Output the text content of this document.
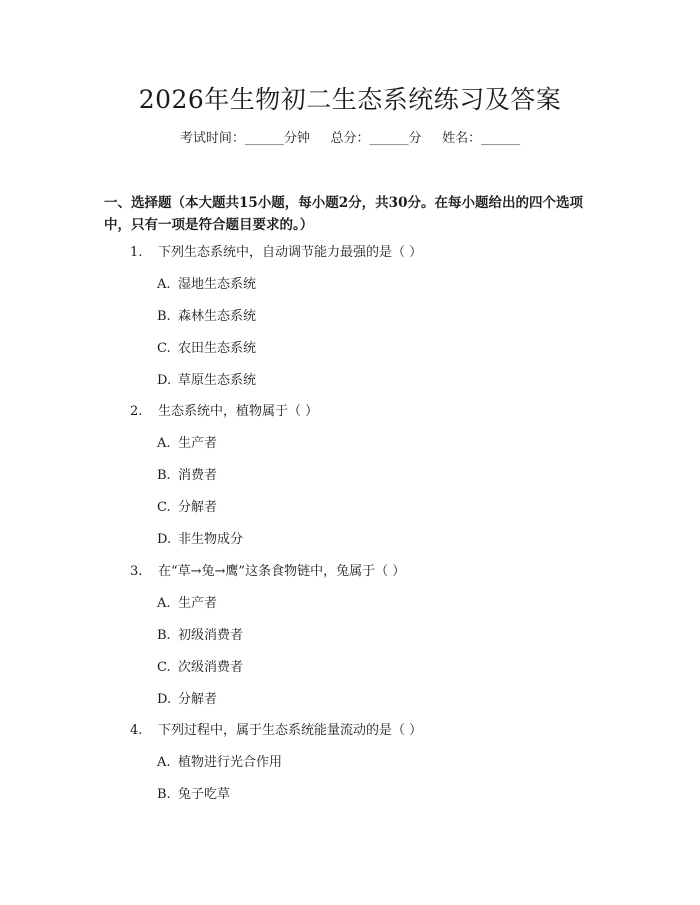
2026年生物初二生态系统练习及答案
考试时间：______分钟     总分：______分     姓名：______
一、选择题（本大题共15小题，每小题2分，共30分。在每小题给出的四个选项中，只有一项是符合题目要求的。）
1. 下列生态系统中，自动调节能力最强的是（ ）
A. 湿地生态系统
B. 森林生态系统
C. 农田生态系统
D. 草原生态系统
2. 生态系统中，植物属于（ ）
A. 生产者
B. 消费者
C. 分解者
D. 非生物成分
3. 在“草→兔→鹰”这条食物链中，兔属于（ ）
A. 生产者
B. 初级消费者
C. 次级消费者
D. 分解者
4. 下列过程中，属于生态系统能量流动的是（ ）
A. 植物进行光合作用
B. 兔子吃草
